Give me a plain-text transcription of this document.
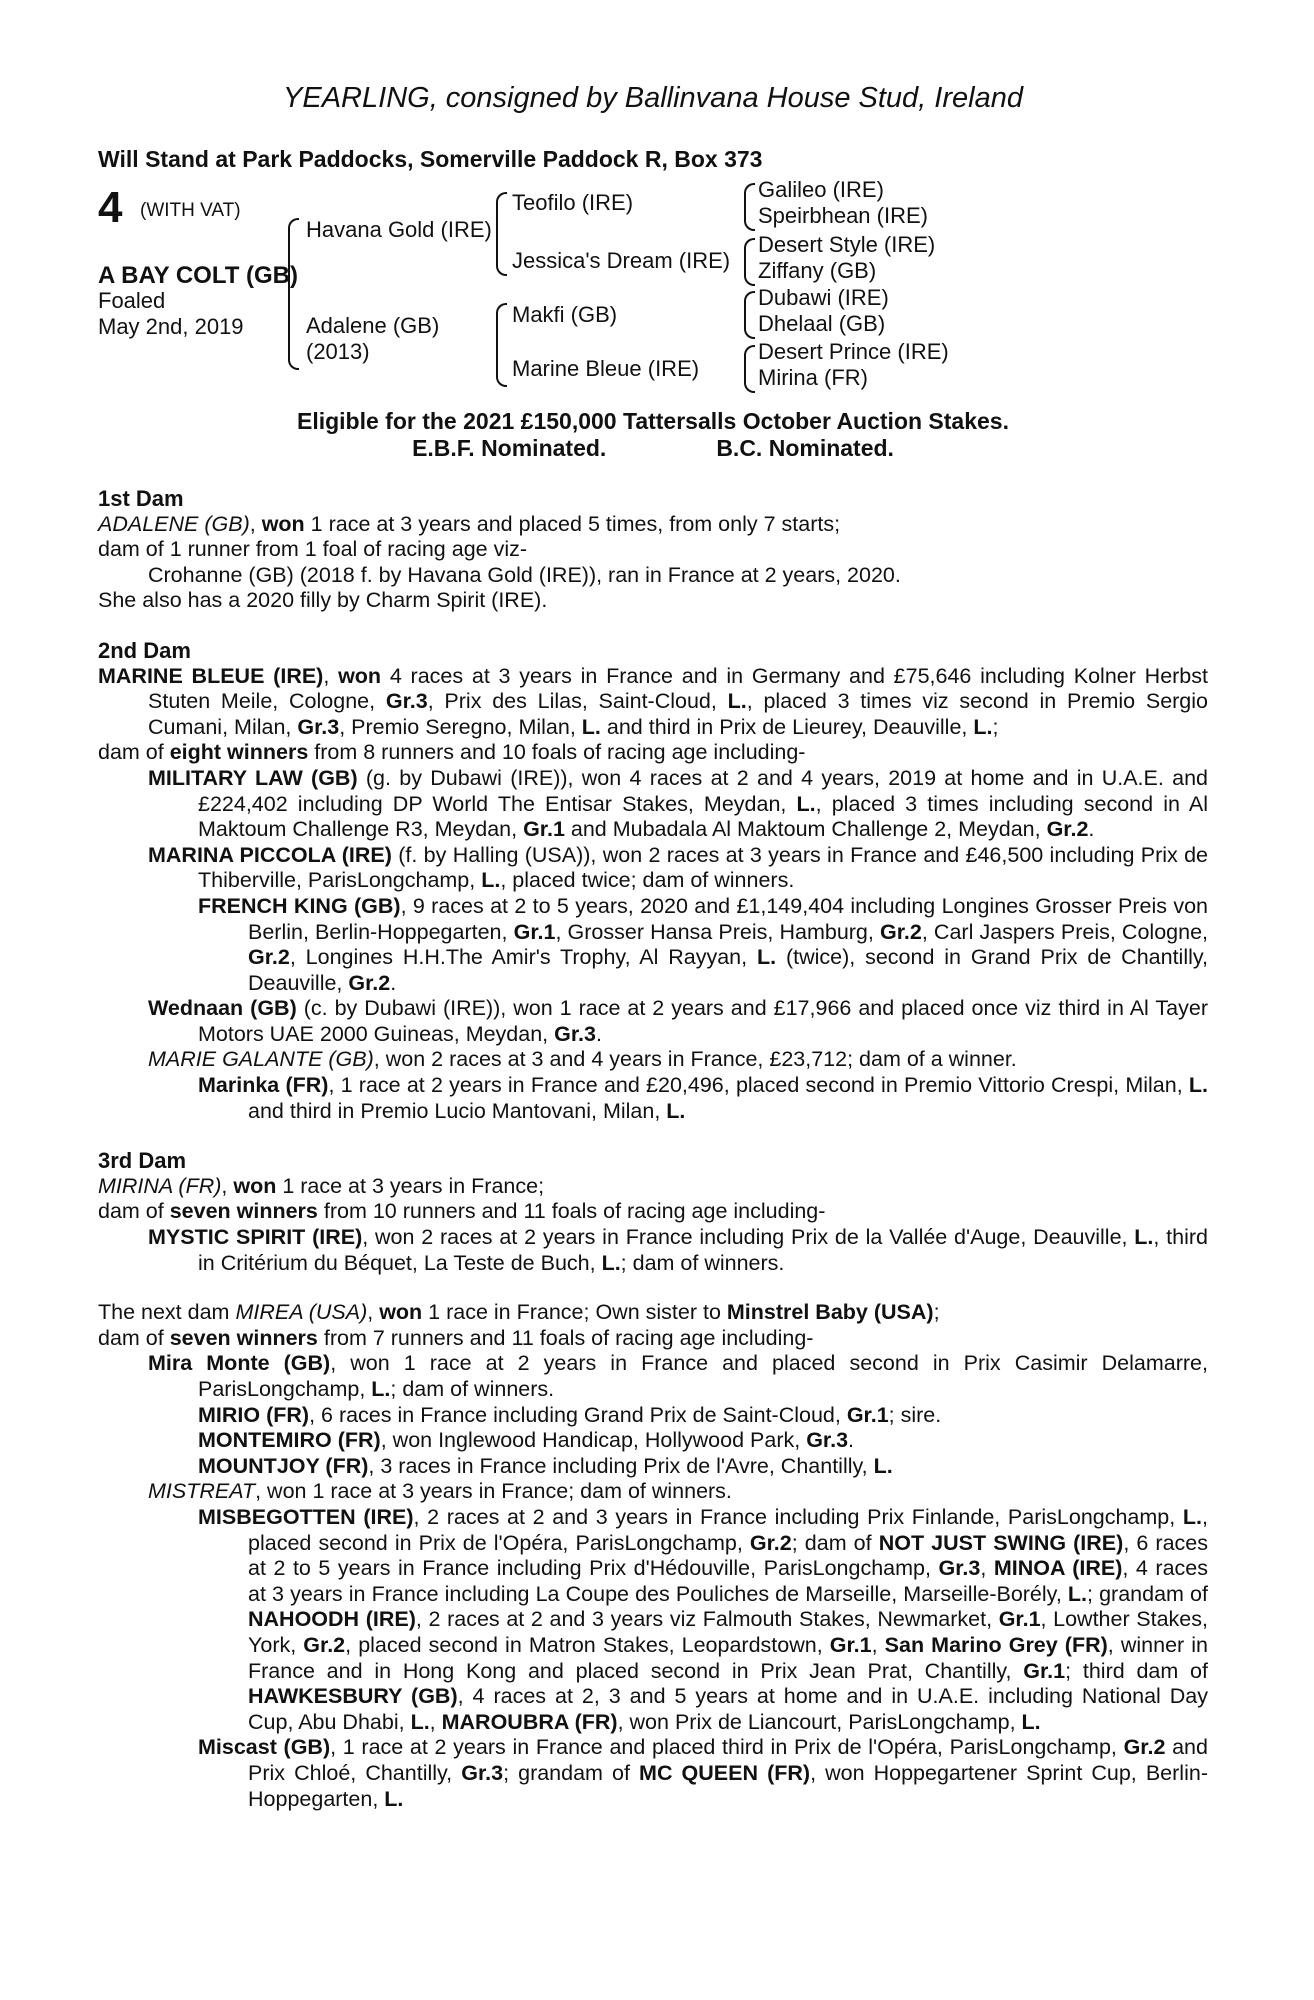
YEARLING, consigned by Ballinvana House Stud, Ireland
Will Stand at Park Paddocks, Somerville Paddock R, Box 373
4 (WITH VAT)
A BAY COLT (GB)
Foaled
May 2nd, 2019
Havana Gold (IRE)
Adalene (GB)
(2013)
Teofilo (IRE)
Jessica's Dream (IRE)
Makfi (GB)
Marine Bleue (IRE)
Galileo (IRE)
Speirbhean (IRE)
Desert Style (IRE)
Ziffany (GB)
Dubawi (IRE)
Dhelaal (GB)
Desert Prince (IRE)
Mirina (FR)
Eligible for the 2021 £150,000 Tattersalls October Auction Stakes.
E.B.F. Nominated.	B.C. Nominated.
1st Dam
ADALENE (GB), won 1 race at 3 years and placed 5 times, from only 7 starts;
dam of 1 runner from 1 foal of racing age viz-
Crohanne (GB) (2018 f. by Havana Gold (IRE)), ran in France at 2 years, 2020.
She also has a 2020 filly by Charm Spirit (IRE).
2nd Dam
MARINE BLEUE (IRE), won 4 races at 3 years in France and in Germany and £75,646 including Kolner Herbst Stuten Meile, Cologne, Gr.3, Prix des Lilas, Saint-Cloud, L., placed 3 times viz second in Premio Sergio Cumani, Milan, Gr.3, Premio Seregno, Milan, L. and third in Prix de Lieurey, Deauville, L.;
dam of eight winners from 8 runners and 10 foals of racing age including-
MILITARY LAW (GB) (g. by Dubawi (IRE)), won 4 races at 2 and 4 years, 2019 at home and in U.A.E. and £224,402 including DP World The Entisar Stakes, Meydan, L., placed 3 times including second in Al Maktoum Challenge R3, Meydan, Gr.1 and Mubadala Al Maktoum Challenge 2, Meydan, Gr.2.
MARINA PICCOLA (IRE) (f. by Halling (USA)), won 2 races at 3 years in France and £46,500 including Prix de Thiberville, ParisLongchamp, L., placed twice; dam of winners.
FRENCH KING (GB), 9 races at 2 to 5 years, 2020 and £1,149,404 including Longines Grosser Preis von Berlin, Berlin-Hoppegarten, Gr.1, Grosser Hansa Preis, Hamburg, Gr.2, Carl Jaspers Preis, Cologne, Gr.2, Longines H.H.The Amir's Trophy, Al Rayyan, L. (twice), second in Grand Prix de Chantilly, Deauville, Gr.2.
Wednaan (GB) (c. by Dubawi (IRE)), won 1 race at 2 years and £17,966 and placed once viz third in Al Tayer Motors UAE 2000 Guineas, Meydan, Gr.3.
MARIE GALANTE (GB), won 2 races at 3 and 4 years in France, £23,712; dam of a winner.
Marinka (FR), 1 race at 2 years in France and £20,496, placed second in Premio Vittorio Crespi, Milan, L. and third in Premio Lucio Mantovani, Milan, L.
3rd Dam
MIRINA (FR), won 1 race at 3 years in France;
dam of seven winners from 10 runners and 11 foals of racing age including-
MYSTIC SPIRIT (IRE), won 2 races at 2 years in France including Prix de la Vallée d'Auge, Deauville, L., third in Critérium du Béquet, La Teste de Buch, L.; dam of winners.
The next dam MIREA (USA), won 1 race in France; Own sister to Minstrel Baby (USA);
dam of seven winners from 7 runners and 11 foals of racing age including-
Mira Monte (GB), won 1 race at 2 years in France and placed second in Prix Casimir Delamarre, ParisLongchamp, L.; dam of winners.
MIRIO (FR), 6 races in France including Grand Prix de Saint-Cloud, Gr.1; sire.
MONTEMIRO (FR), won Inglewood Handicap, Hollywood Park, Gr.3.
MOUNTJOY (FR), 3 races in France including Prix de l'Avre, Chantilly, L.
MISTREAT, won 1 race at 3 years in France; dam of winners.
MISBEGOTTEN (IRE), 2 races at 2 and 3 years in France including Prix Finlande, ParisLongchamp, L., placed second in Prix de l'Opéra, ParisLongchamp, Gr.2; dam of NOT JUST SWING (IRE), 6 races at 2 to 5 years in France including Prix d'Hédouville, ParisLongchamp, Gr.3, MINOA (IRE), 4 races at 3 years in France including La Coupe des Pouliches de Marseille, Marseille-Borély, L.; grandam of NAHOODH (IRE), 2 races at 2 and 3 years viz Falmouth Stakes, Newmarket, Gr.1, Lowther Stakes, York, Gr.2, placed second in Matron Stakes, Leopardstown, Gr.1, San Marino Grey (FR), winner in France and in Hong Kong and placed second in Prix Jean Prat, Chantilly, Gr.1; third dam of HAWKESBURY (GB), 4 races at 2, 3 and 5 years at home and in U.A.E. including National Day Cup, Abu Dhabi, L., MAROUBRA (FR), won Prix de Liancourt, ParisLongchamp, L.
Miscast (GB), 1 race at 2 years in France and placed third in Prix de l'Opéra, ParisLongchamp, Gr.2 and Prix Chloé, Chantilly, Gr.3; grandam of MC QUEEN (FR), won Hoppegartener Sprint Cup, Berlin-Hoppegarten, L.
